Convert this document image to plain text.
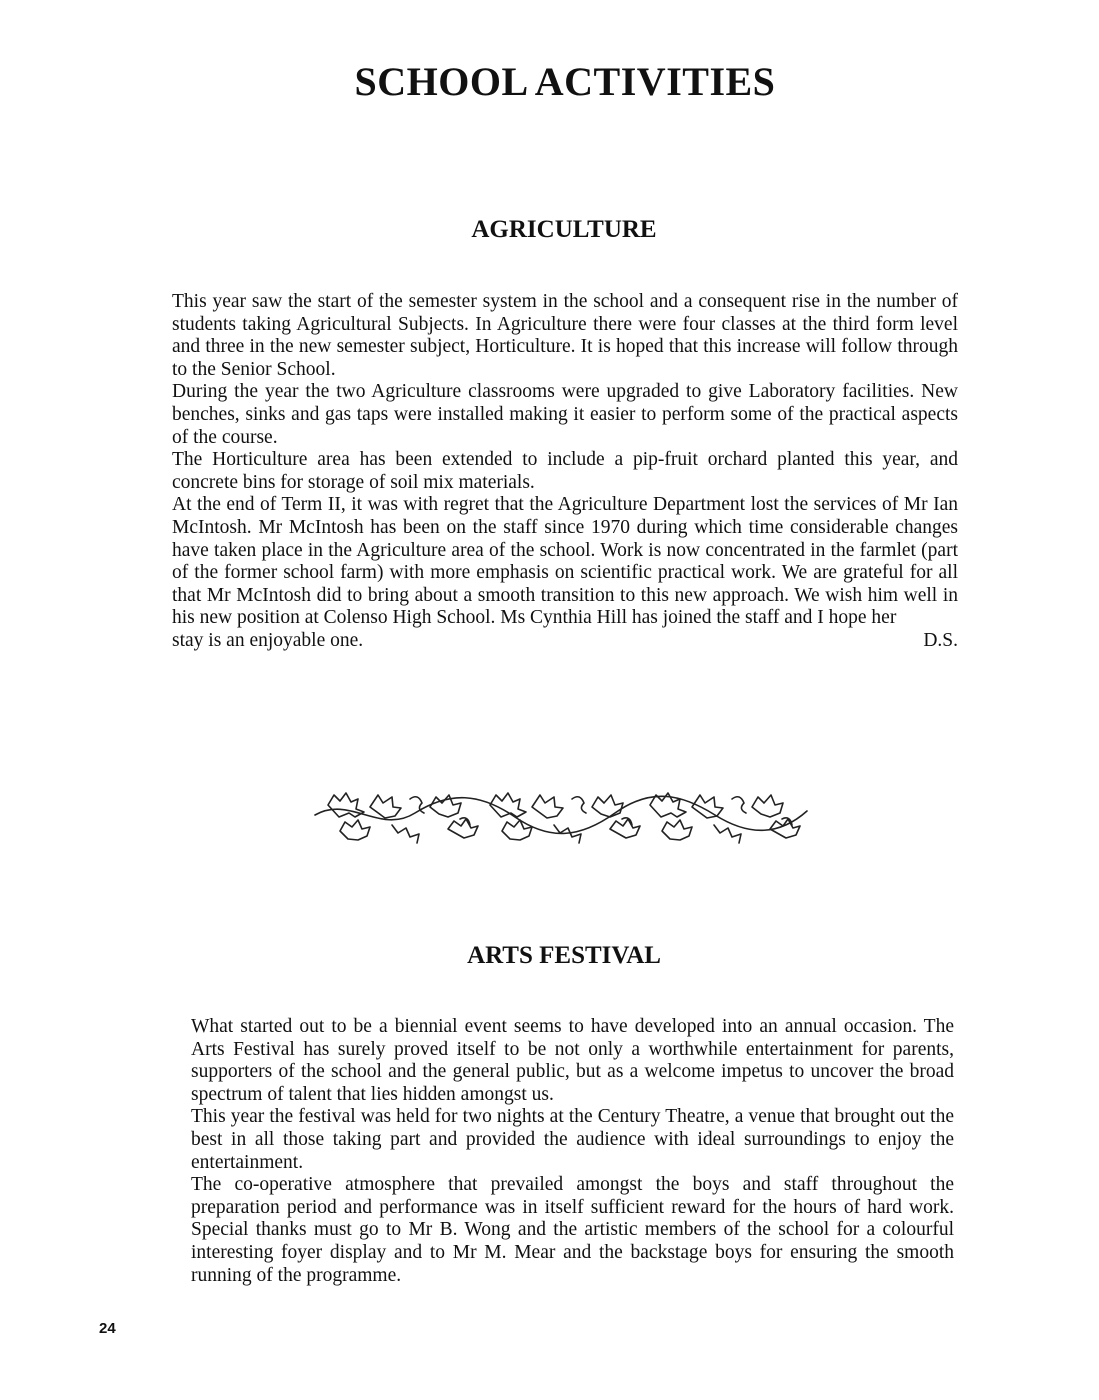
SCHOOL ACTIVITIES
AGRICULTURE

This year saw the start of the semester system in the school and a consequent rise in the number of students taking Agricultural Subjects. In Agriculture there were four classes at the third form level and three in the new semester subject, Horticulture. It is hoped that this increase will follow through to the Senior School.

During the year the two Agriculture classrooms were upgraded to give Laboratory facilities. New benches, sinks and gas taps were installed making it easier to perform some of the practical aspects of the course.

The Horticulture area has been extended to include a pip-fruit orchard planted this year, and concrete bins for storage of soil mix materials.

At the end of Term II, it was with regret that the Agriculture Department lost the services of Mr Ian McIntosh. Mr McIntosh has been on the staff since 1970 during which time considerable changes have taken place in the Agriculture area of the school. Work is now concentrated in the farmlet (part of the former school farm) with more emphasis on scientific practical work. We are grateful for all that Mr McIntosh did to bring about a smooth transition to this new approach. We wish him well in his new position at Colenso High School. Ms Cynthia Hill has joined the staff and I hope her

stay is an enjoyable one.	D.S.
ARTS FESTIVAL

What started out to be a biennial event seems to have developed into an annual occasion. The Arts Festival has surely proved itself to be not only a worthwhile entertainment for parents, supporters of the school and the general public, but as a welcome impetus to uncover the broad spectrum of talent that lies hidden amongst us.

This year the festival was held for two nights at the Century Theatre, a venue that brought out the best in all those taking part and provided the audience with ideal surroundings to enjoy the entertainment.

The co-operative atmosphere that prevailed amongst the boys and staff throughout the preparation period and performance was in itself sufficient reward for the hours of hard work. Special thanks must go to Mr B. Wong and the artistic members of the school for a colourful interesting foyer display and to Mr M. Mear and the backstage boys for ensuring the smooth running of the programme.

24
